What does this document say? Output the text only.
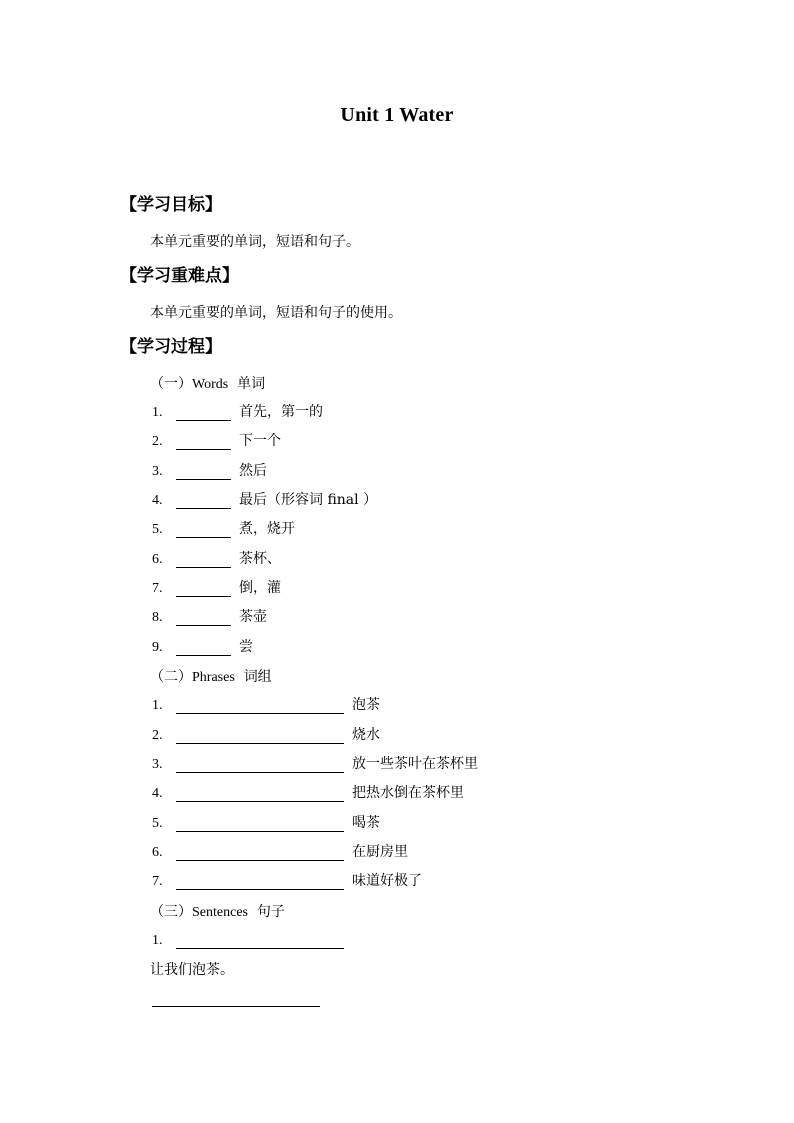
Unit 1 Water
【学习目标】

本单元重要的单词，短语和句子。

【学习重难点】

本单元重要的单词，短语和句子的使用。

【学习过程】
（一）Words 单词
1.	首先，第一的
2.	下一个
3.	然后
4.	最后（形容词 final ）
5.	煮，烧开
6.	茶杯、
7.	倒，灌
8.	茶壶
9.	尝
（二）Phrases 词组
1.	泡茶
2.	烧水
3.	放一些茶叶在茶杯里
4.	把热水倒在茶杯里
5.	喝茶
6.	在厨房里
7.	味道好极了
（三）Sentences 句子
1.

让我们泡茶。
